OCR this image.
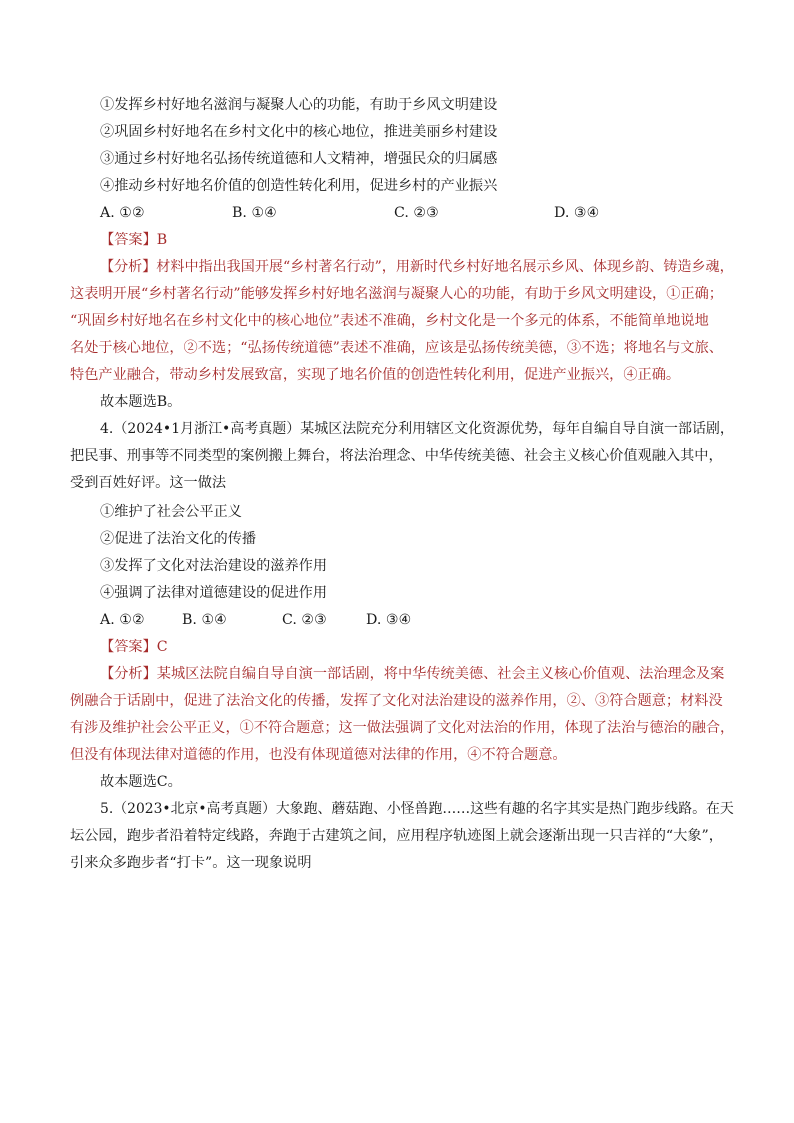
①发挥乡村好地名滋润与凝聚人心的功能，有助于乡风文明建设
②巩固乡村好地名在乡村文化中的核心地位，推进美丽乡村建设
③通过乡村好地名弘扬传统道德和人文精神，增强民众的归属感
④推动乡村好地名价值的创造性转化利用，促进乡村的产业振兴
A. ①②	B. ①④	C. ②③	D. ③④
【答案】B
【分析】材料中指出我国开展“乡村著名行动”，用新时代乡村好地名展示乡风、体现乡韵、铸造乡魂，
这表明开展“乡村著名行动”能够发挥乡村好地名滋润与凝聚人心的功能，有助于乡风文明建设，①正确；
“巩固乡村好地名在乡村文化中的核心地位”表述不准确，乡村文化是一个多元的体系，不能简单地说地
名处于核心地位，②不选；“弘扬传统道德”表述不准确，应该是弘扬传统美德，③不选；将地名与文旅、
特色产业融合，带动乡村发展致富，实现了地名价值的创造性转化利用，促进产业振兴，④正确。
故本题选B。
4.（2024•1月浙江•高考真题）某城区法院充分利用辖区文化资源优势，每年自编自导自演一部话剧，
把民事、刑事等不同类型的案例搬上舞台，将法治理念、中华传统美德、社会主义核心价值观融入其中，
受到百姓好评。这一做法
①维护了社会公平正义
②促进了法治文化的传播
③发挥了文化对法治建设的滋养作用
④强调了法律对道德建设的促进作用
A. ①②	B. ①④	C. ②③	D. ③④
【答案】C
【分析】某城区法院自编自导自演一部话剧，将中华传统美德、社会主义核心价值观、法治理念及案
例融合于话剧中，促进了法治文化的传播，发挥了文化对法治建设的滋养作用，②、③符合题意；材料没
有涉及维护社会公平正义，①不符合题意；这一做法强调了文化对法治的作用，体现了法治与德治的融合，
但没有体现法律对道德的作用，也没有体现道德对法律的作用，④不符合题意。
故本题选C。
5.（2023•北京•高考真题）大象跑、蘑菇跑、小怪兽跑……这些有趣的名字其实是热门跑步线路。在天
坛公园，跑步者沿着特定线路，奔跑于古建筑之间，应用程序轨迹图上就会逐渐出现一只吉祥的“大象”，
引来众多跑步者“打卡”。这一现象说明
